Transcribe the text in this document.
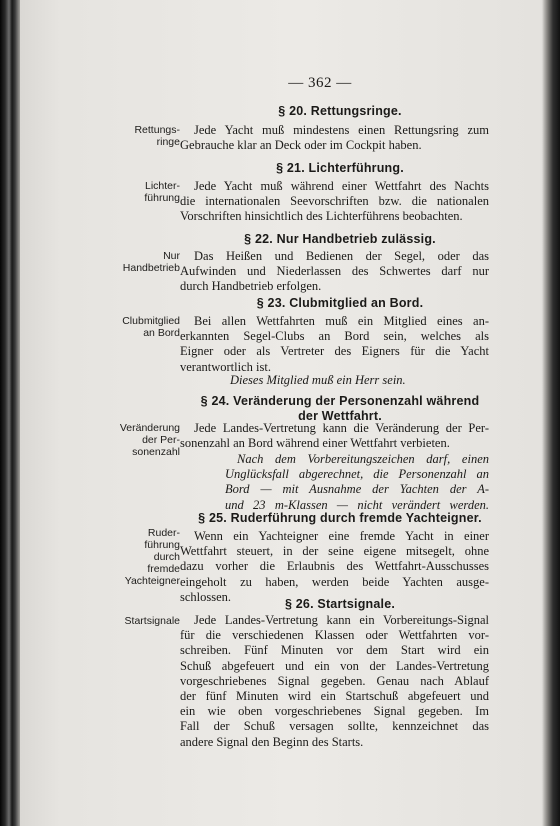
— 362 —
§ 20. Rettungsringe.
Rettungs-
ringe
Jede Yacht muß mindestens einen Rettungsring zum
Gebrauche klar an Deck oder im Cockpit haben.
§ 21. Lichterführung.
Lichter-
führung
Jede Yacht muß während einer Wettfahrt des Nachts
die internationalen Seevorschriften bzw. die nationalen
Vorschriften hinsichtlich des Lichterführens beobachten.
§ 22. Nur Handbetrieb zulässig.
Nur
Handbetrieb
Das Heißen und Bedienen der Segel, oder das
Aufwinden und Niederlassen des Schwertes darf nur
durch Handbetrieb erfolgen.
§ 23. Clubmitglied an Bord.
Clubmitglied
an Bord
Bei allen Wettfahrten muß ein Mitglied eines an-
erkannten Segel-Clubs an Bord sein, welches als
Eigner oder als Vertreter des Eigners für die Yacht
verantwortlich ist.
Dieses Mitglied muß ein Herr sein.
§ 24. Veränderung der Personenzahl während
der Wettfahrt.
Veränderung
der Per-
sonenzahl
Jede Landes-Vertretung kann die Veränderung der Per-
sonenzahl an Bord während einer Wettfahrt verbieten.
Nach dem Vorbereitungszeichen darf, einen
Unglücksfall abgerechnet, die Personenzahl an
Bord — mit Ausnahme der Yachten der A-
und 23 m-Klassen — nicht verändert werden.
§ 25. Ruderführung durch fremde Yachteigner.
Ruder-
führung
durch
fremde
Yachteigner
Wenn ein Yachteigner eine fremde Yacht in einer
Wettfahrt steuert, in der seine eigene mitsegelt, ohne
dazu vorher die Erlaubnis des Wettfahrt-Ausschusses
eingeholt zu haben, werden beide Yachten ausge-
schlossen.
§ 26. Startsignale.
Startsignale	Jede Landes-Vertretung kann ein Vorbereitungs-Signal
für die verschiedenen Klassen oder Wettfahrten vor-
schreiben. Fünf Minuten vor dem Start wird ein
Schuß abgefeuert und ein von der Landes-Vertretung
vorgeschriebenes Signal gegeben. Genau nach Ablauf
der fünf Minuten wird ein Startschuß abgefeuert und
ein wie oben vorgeschriebenes Signal gegeben. Im
Fall der Schuß versagen sollte, kennzeichnet das
andere Signal den Beginn des Starts.
